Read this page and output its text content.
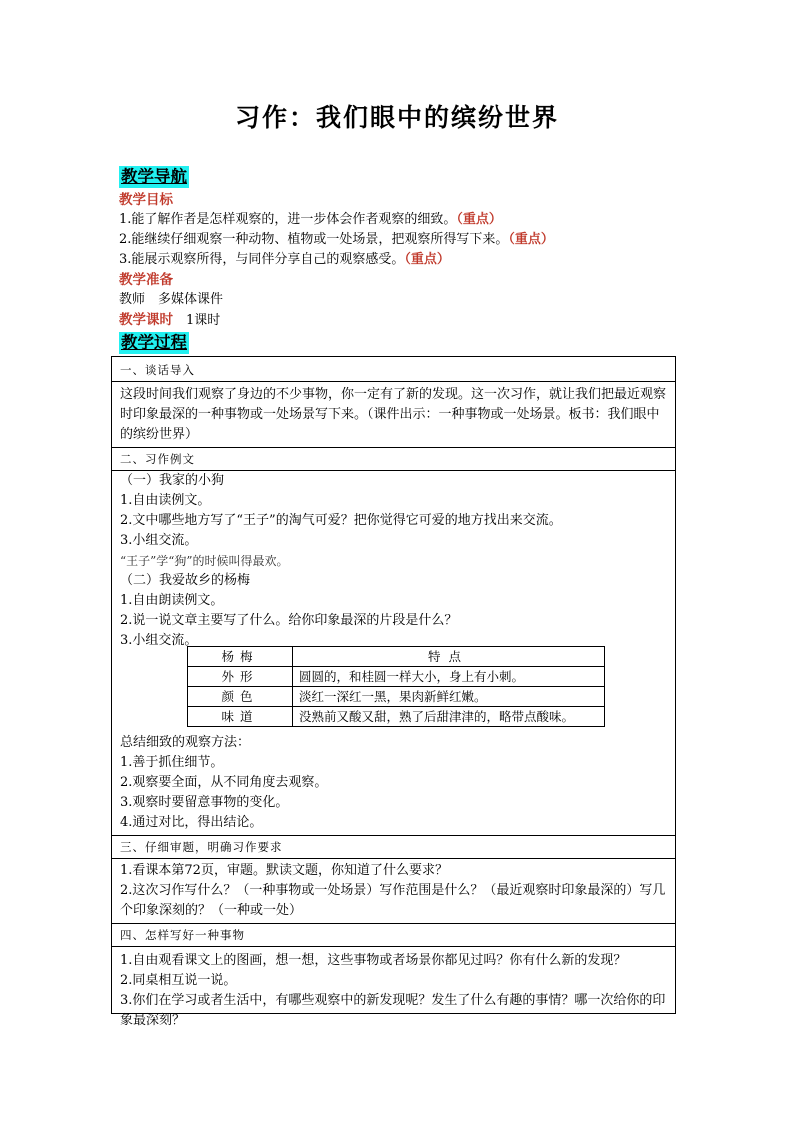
习作：我们眼中的缤纷世界
教学导航
教学目标
1.能了解作者是怎样观察的，进一步体会作者观察的细致。（重点）
2.能继续仔细观察一种动物、植物或一处场景，把观察所得写下来。（重点）
3.能展示观察所得，与同伴分享自己的观察感受。（重点）
教学准备
教师　多媒体课件
教学课时　1课时
教学过程
一、谈话导入
这段时间我们观察了身边的不少事物，你一定有了新的发现。这一次习作，就让我们把最近观察时印象最深的一种事物或一处场景写下来。（课件出示：一种事物或一处场景。板书：我们眼中的缤纷世界）
二、习作例文
（一）我家的小狗
1.自由读例文。
2.文中哪些地方写了“王子”的淘气可爱？把你觉得它可爱的地方找出来交流。
3.小组交流。
“王子”学“狗”的时候叫得最欢。
（二）我爱故乡的杨梅
1.自由朗读例文。
2.说一说文章主要写了什么。给你印象最深的片段是什么？
3.小组交流。
总结细致的观察方法：
1.善于抓住细节。
2.观察要全面，从不同角度去观察。
3.观察时要留意事物的变化。
4.通过对比，得出结论。
三、仔细审题，明确习作要求
1.看课本第72页，审题。默读文题，你知道了什么要求？
2.这次习作写什么？（一种事物或一处场景）写作范围是什么？（最近观察时印象最深的）写几个印象深刻的？（一种或一处）
四、怎样写好一种事物
1.自由观看课文上的图画，想一想，这些事物或者场景你都见过吗？你有什么新的发现？
2.同桌相互说一说。
3.你们在学习或者生活中，有哪些观察中的新发现呢？发生了什么有趣的事情？哪一次给你的印象最深刻？
杨梅	特点
外形	圆圆的，和桂圆一样大小，身上有小刺。
颜色	淡红一深红一黑，果肉新鲜红嫩。
味道	没熟前又酸又甜，熟了后甜津津的，略带点酸味。
